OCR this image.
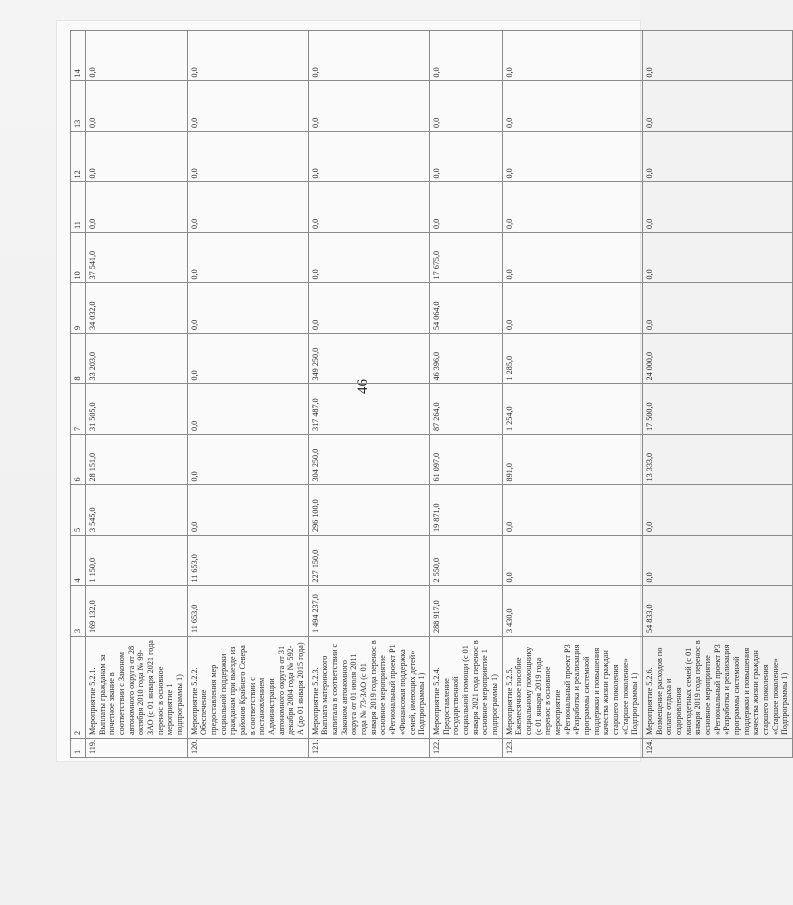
46
1	2	3	4	5	6	7	8	9	10	11	12	13	14
119.	Мероприятие 5.2.1. Выплаты гражданам за почетное звание в соответствии с Законом автономного округа от 28 октября 2010 года № 99-ЗАО (с 01 января 2021 года перенос в основное мероприятие 1 подпрограммы 1)	169 132,0	1 150,0	3 545,0	28 151,0	31 505,0	33 203,0	34 032,0	37 541,0	0,0	0,0	0,0	0,0
120.	Мероприятие 5.2.2. Обеспечение предоставления мер социальной поддержки гражданам при выезде из районов Крайнего Севера в соответствии с постановлением Администрации автономного округа от 31 декабря 2004 года № 592-А (до 01 января 2015 года)	11 653,0	11 653,0	0,0	0,0	0,0	0,0	0,0	0,0	0,0	0,0	0,0	0,0
121.	Мероприятие 5.2.3. Выплата материнского капитала в соответствии с Законом автономного округа от 01 июля 2011 года № 73-ЗАО (с 01 января 2019 года перенос в основное мероприятие «Региональный проект Р1 «Финансовая поддержка семей, имеющих детей» Подпрограммы 1)	1 494 237,0	227 150,0	296 100,0	304 250,0	317 487,0	349 250,0	0,0	0,0	0,0	0,0	0,0	0,0
122.	Мероприятие 5.2.4. Предоставление государственной социальной помощи (с 01 января 2021 года перенос в основное мероприятие 1 подпрограммы 1)	288 917,0	2 550,0	19 871,0	61 097,0	87 264,0	46 396,0	54 064,0	17 675,0	0,0	0,0	0,0	0,0
123.	Мероприятие 5.2.5. Ежемесячное пособие социальному помощнику (с 01 января 2019 года перенос в основное мероприятие «Региональный проект Р3 «Разработка и реализация программы системной поддержки и повышения качества жизни граждан старшего поколения «Старшее поколение» Подпрограммы 1)	3 430,0	0,0	0,0	891,0	1 254,0	1 285,0	0,0	0,0	0,0	0,0	0,0	0,0
124.	Мероприятие 5.2.6. Возмещение расходов по оплате отдыха и оздоровления многодетных семей (с 01 января 2019 года перенос в основное мероприятие «Региональный проект Р3 «Разработка и реализация программы системной поддержки и повышения качества жизни граждан старшего поколения «Старшее поколение» Подпрограммы 1)	54 833,0	0,0	0,0	13 333,0	17 500,0	24 000,0	0,0	0,0	0,0	0,0	0,0	0,0
